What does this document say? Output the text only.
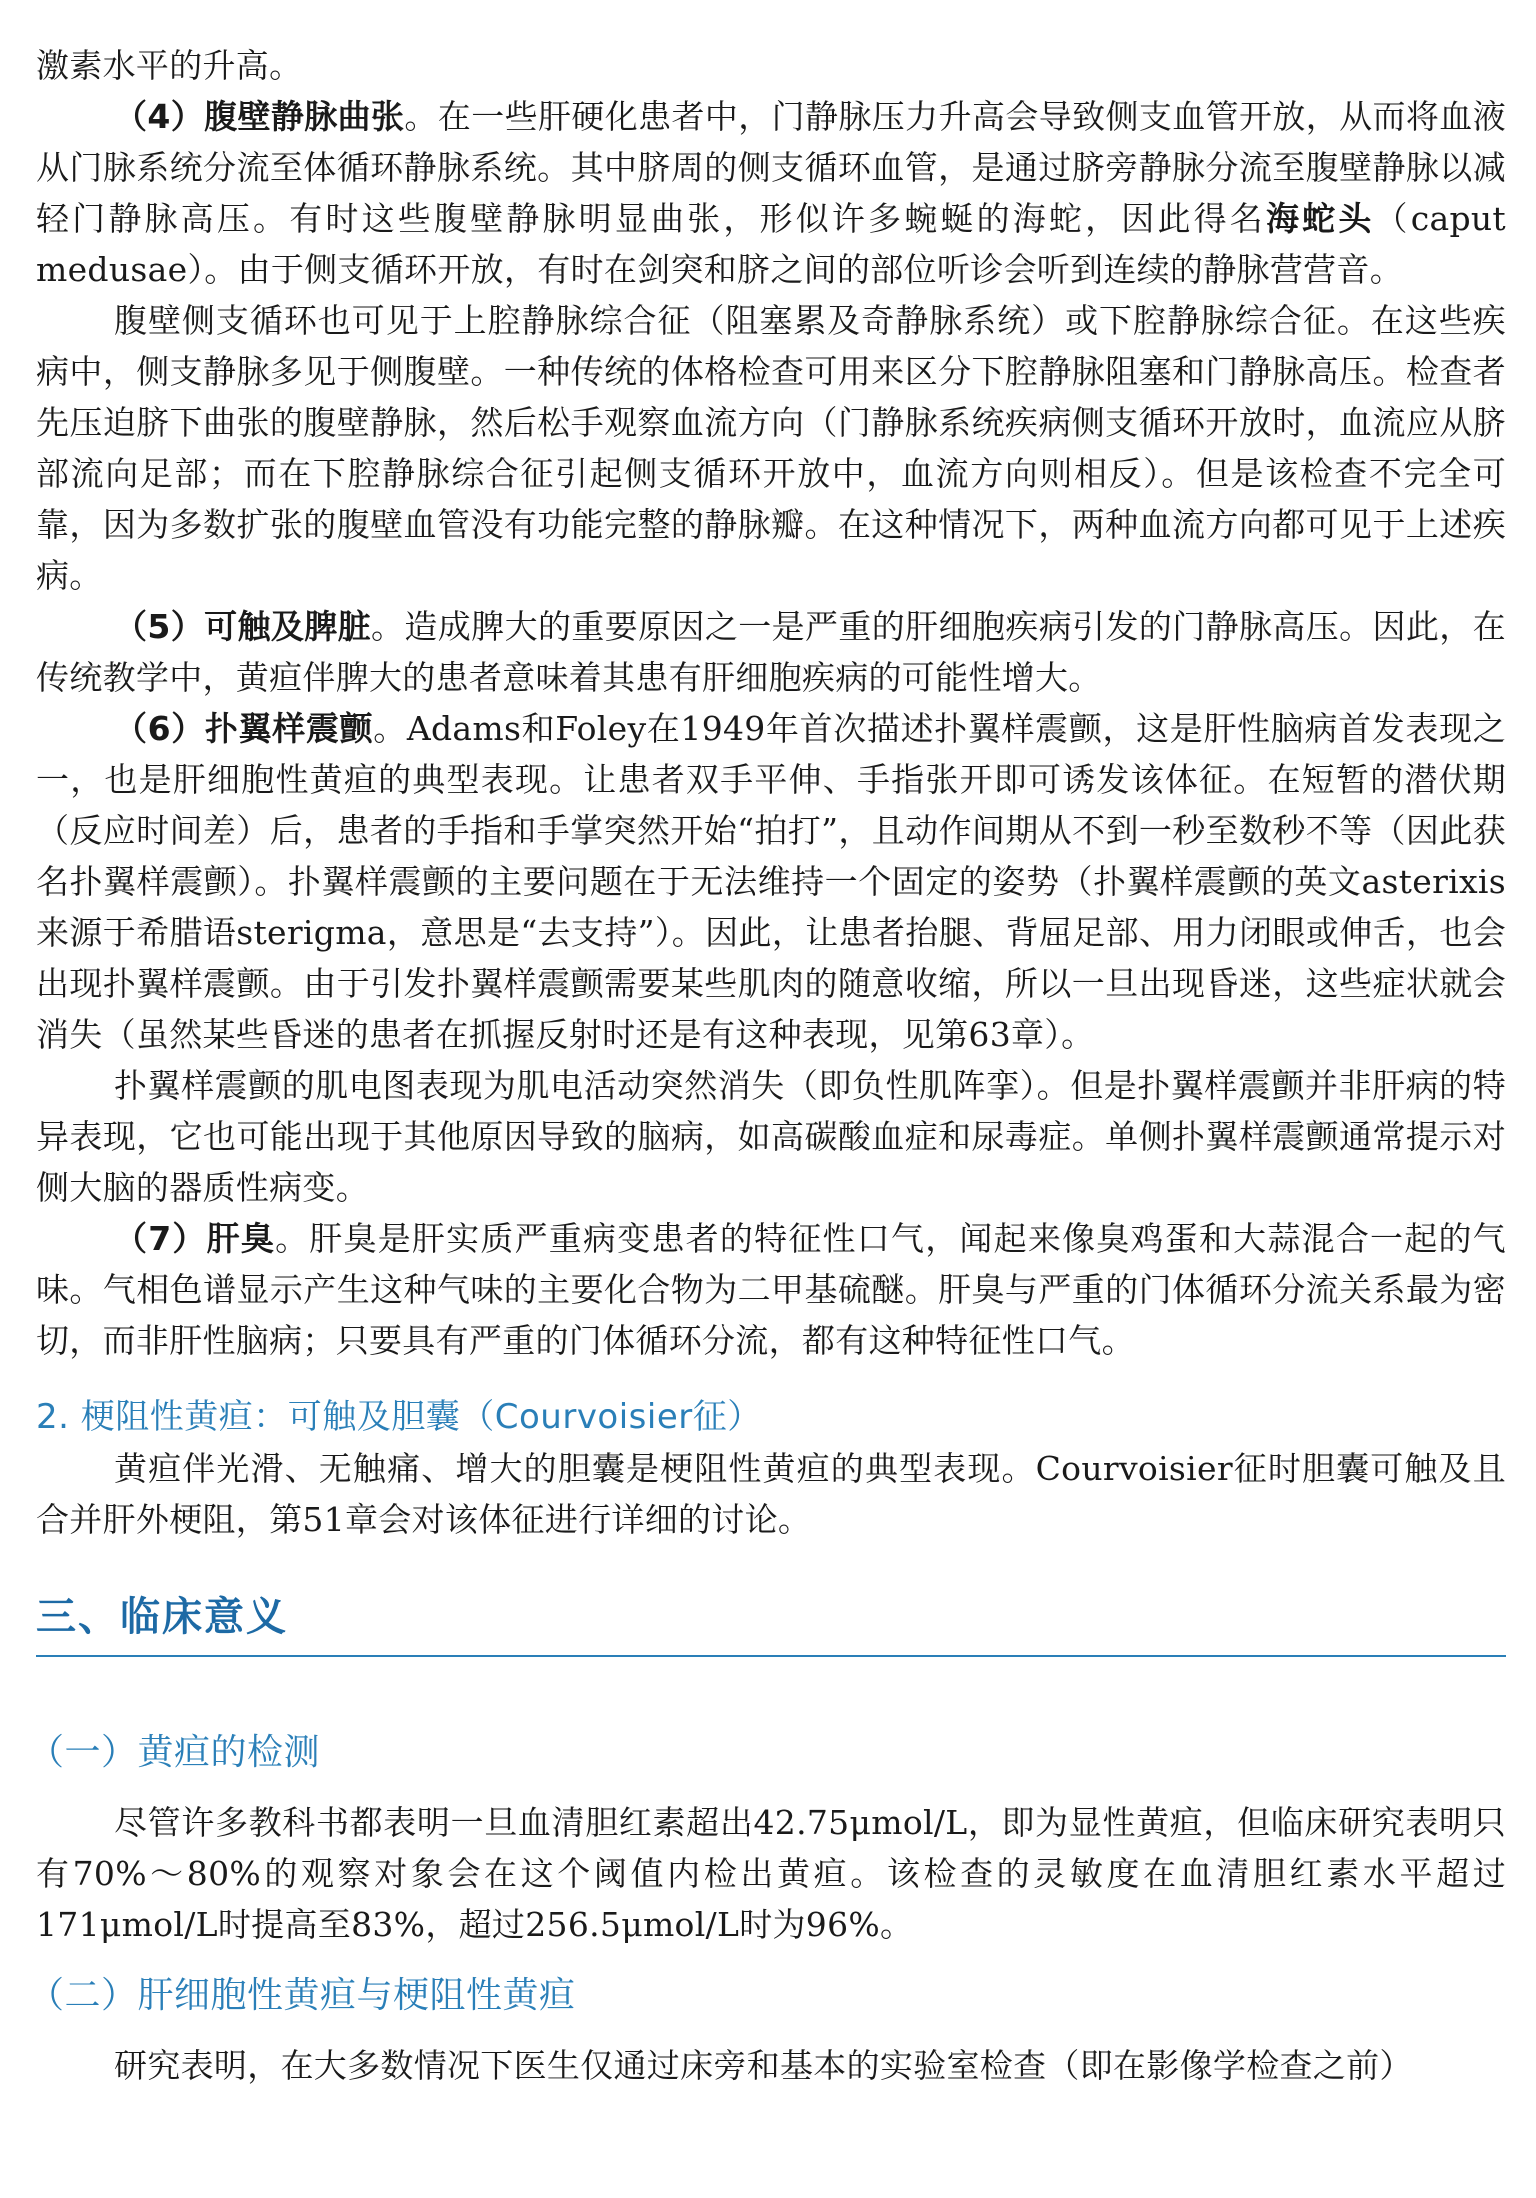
激素水平的升高。

（4）腹壁静脉曲张。在一些肝硬化患者中，门静脉压力升高会导致侧支血管开放，从而将血液从门脉系统分流至体循环静脉系统。其中脐周的侧支循环血管，是通过脐旁静脉分流至腹壁静脉以减轻门静脉高压。有时这些腹壁静脉明显曲张，形似许多蜿蜒的海蛇，因此得名海蛇头（caput medusae）。由于侧支循环开放，有时在剑突和脐之间的部位听诊会听到连续的静脉营营音。

腹壁侧支循环也可见于上腔静脉综合征（阻塞累及奇静脉系统）或下腔静脉综合征。在这些疾病中，侧支静脉多见于侧腹壁。一种传统的体格检查可用来区分下腔静脉阻塞和门静脉高压。检查者先压迫脐下曲张的腹壁静脉，然后松手观察血流方向（门静脉系统疾病侧支循环开放时，血流应从脐部流向足部；而在下腔静脉综合征引起侧支循环开放中，血流方向则相反）。但是该检查不完全可靠，因为多数扩张的腹壁血管没有功能完整的静脉瓣。在这种情况下，两种血流方向都可见于上述疾病。

（5）可触及脾脏。造成脾大的重要原因之一是严重的肝细胞疾病引发的门静脉高压。因此，在传统教学中，黄疸伴脾大的患者意味着其患有肝细胞疾病的可能性增大。

（6）扑翼样震颤。Adams和Foley在1949年首次描述扑翼样震颤，这是肝性脑病首发表现之一，也是肝细胞性黄疸的典型表现。让患者双手平伸、手指张开即可诱发该体征。在短暂的潜伏期（反应时间差）后，患者的手指和手掌突然开始“拍打”，且动作间期从不到一秒至数秒不等（因此获名扑翼样震颤）。扑翼样震颤的主要问题在于无法维持一个固定的姿势（扑翼样震颤的英文asterixis来源于希腊语sterigma，意思是“去支持”）。因此，让患者抬腿、背屈足部、用力闭眼或伸舌，也会出现扑翼样震颤。由于引发扑翼样震颤需要某些肌肉的随意收缩，所以一旦出现昏迷，这些症状就会消失（虽然某些昏迷的患者在抓握反射时还是有这种表现，见第63章）。

扑翼样震颤的肌电图表现为肌电活动突然消失（即负性肌阵挛）。但是扑翼样震颤并非肝病的特异表现，它也可能出现于其他原因导致的脑病，如高碳酸血症和尿毒症。单侧扑翼样震颤通常提示对侧大脑的器质性病变。

（7）肝臭。肝臭是肝实质严重病变患者的特征性口气，闻起来像臭鸡蛋和大蒜混合一起的气味。气相色谱显示产生这种气味的主要化合物为二甲基硫醚。肝臭与严重的门体循环分流关系最为密切，而非肝性脑病；只要具有严重的门体循环分流，都有这种特征性口气。

2. 梗阻性黄疸：可触及胆囊（Courvoisier征）

黄疸伴光滑、无触痛、增大的胆囊是梗阻性黄疸的典型表现。Courvoisier征时胆囊可触及且合并肝外梗阻，第51章会对该体征进行详细的讨论。

三、临床意义
（一）黄疸的检测

尽管许多教科书都表明一旦血清胆红素超出42.75μmol/L，即为显性黄疸，但临床研究表明只有70%～80%的观察对象会在这个阈值内检出黄疸。该检查的灵敏度在血清胆红素水平超过171μmol/L时提高至83%，超过256.5μmol/L时为96%。

（二）肝细胞性黄疸与梗阻性黄疸

研究表明，在大多数情况下医生仅通过床旁和基本的实验室检查（即在影像学检查之前）
